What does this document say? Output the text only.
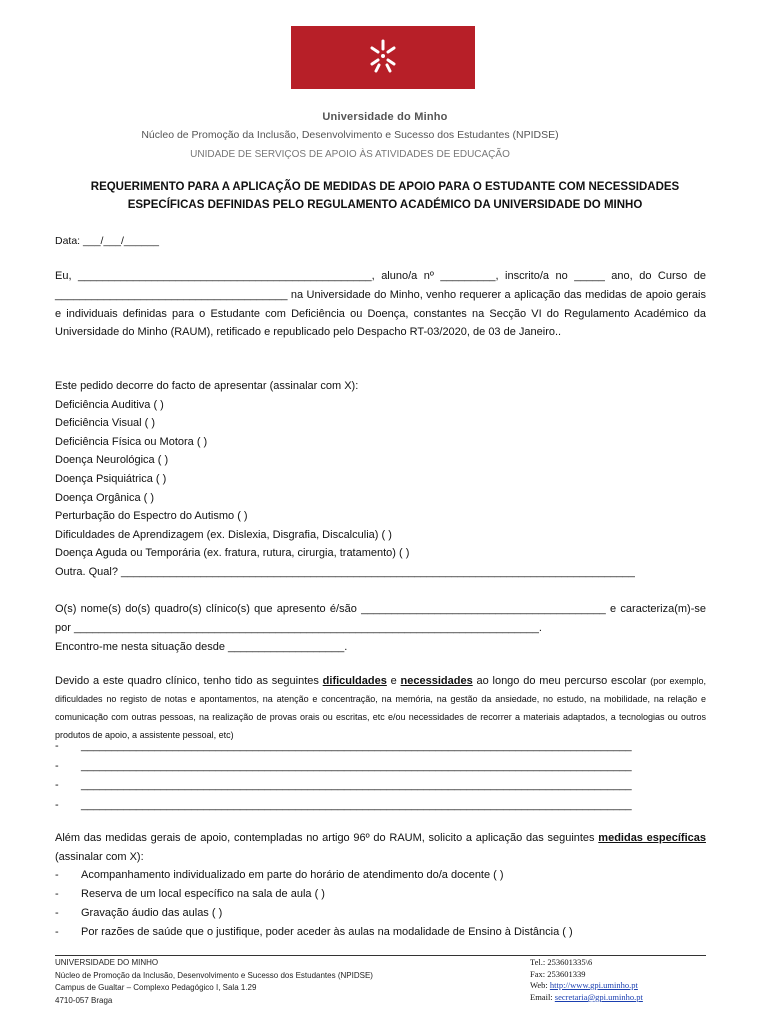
Universidade do Minho
Núcleo de Promoção da Inclusão, Desenvolvimento e Sucesso dos Estudantes (NPIDSE)
UNIDADE DE SERVIÇOS DE APOIO ÀS ATIVIDADES DE EDUCAÇÃO
REQUERIMENTO PARA A APLICAÇÃO DE MEDIDAS DE APOIO PARA O ESTUDANTE COM NECESSIDADES
ESPECÍFICAS DEFINIDAS PELO REGULAMENTO ACADÉMICO DA UNIVERSIDADE DO MINHO
Data: ___/___/______
Eu, ________________________________________________, aluno/a nº _________, inscrito/a no _____ ano, do Curso de ______________________________________ na Universidade do Minho, venho requerer a aplicação das medidas de apoio gerais e individuais definidas para o Estudante com Deficiência ou Doença, constantes na Secção VI do Regulamento Académico da Universidade do Minho (RAUM), retificado e republicado pelo Despacho RT-03/2020, de 03 de Janeiro..
Este pedido decorre do facto de apresentar (assinalar com X):
Deficiência Auditiva ( )
Deficiência Visual ( )
Deficiência Física ou Motora ( )
Doença Neurológica ( )
Doença Psiquiátrica ( )
Doença Orgânica ( )
Perturbação do Espectro do Autismo ( )
Dificuldades de Aprendizagem (ex. Dislexia, Disgrafia, Discalculia) ( )
Doença Aguda ou Temporária (ex. fratura, rutura, cirurgia, tratamento) ( )
Outra. Qual? ____________________________________________________________________________________
O(s) nome(s) do(s) quadro(s) clínico(s) que apresento é/são ________________________________________ e caracteriza(m)-se por ____________________________________________________________________________.
Encontro-me nesta situação desde ___________________.
Devido a este quadro clínico, tenho tido as seguintes dificuldades e necessidades ao longo do meu percurso escolar (por exemplo, dificuldades no registo de notas e apontamentos, na atenção e concentração, na memória, na gestão da ansiedade, no estudo, na mobilidade, na relação e comunicação com outras pessoas, na realização de provas orais ou escritas, etc e/ou necessidades de recorrer a materiais adaptados, a tecnologias ou outros produtos de apoio, a assistente pessoal, etc)
-	__________________________________________________________________________________________
-	__________________________________________________________________________________________
-	__________________________________________________________________________________________
-	__________________________________________________________________________________________
Além das medidas gerais de apoio, contempladas no artigo 96º do RAUM, solicito a aplicação das seguintes medidas específicas (assinalar com X):
-	Acompanhamento individualizado em parte do horário de atendimento do/a docente ( )
-	Reserva de um local específico na sala de aula ( )
-	Gravação áudio das aulas ( )
-	Por razões de saúde que o justifique, poder aceder às aulas na modalidade de Ensino à Distância ( )
UNIVERSIDADE DO MINHO
Núcleo de Promoção da Inclusão, Desenvolvimento e Sucesso dos Estudantes (NPIDSE)
Campus de Gualtar – Complexo Pedagógico I, Sala 1.29
4710-057 Braga
Tel.: 253601335\6
Fax: 253601339
Web: http://www.gpi.uminho.pt
Email: secretaria@gpi.uminho.pt
